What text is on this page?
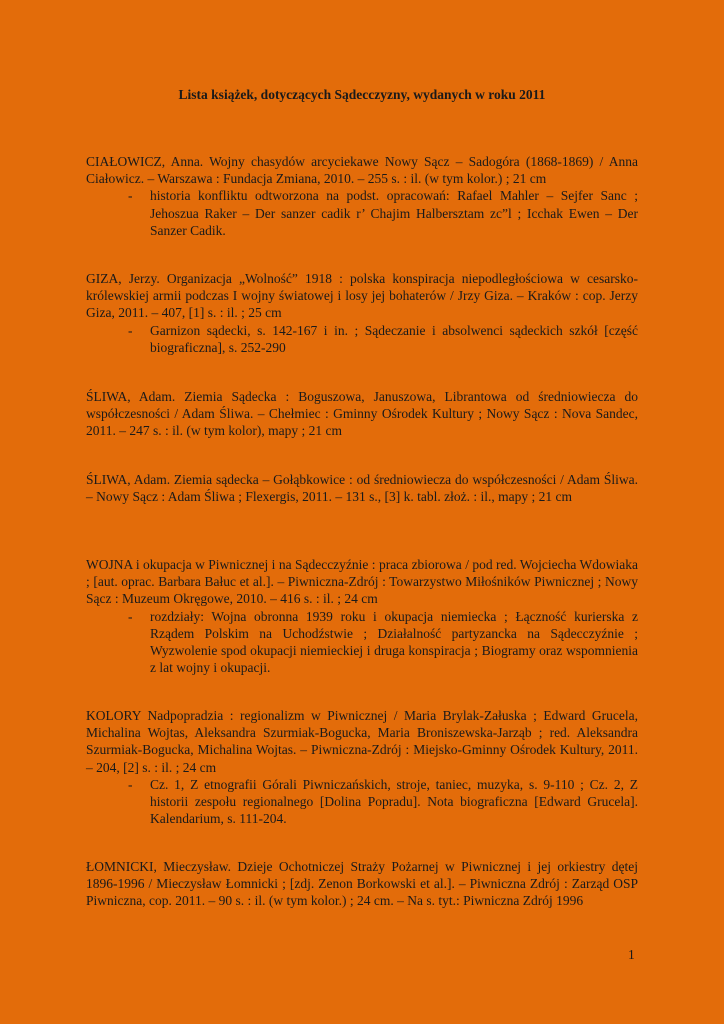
Lista książek, dotyczących Sądecczyzny, wydanych w roku 2011

CIAŁOWICZ, Anna. Wojny chasydów arcyciekawe Nowy Sącz – Sadogóra (1868-1869) / Anna Ciałowicz. – Warszawa : Fundacja Zmiana, 2010. – 255 s. : il. (w tym kolor.) ; 21 cm

-	historia konfliktu odtworzona na podst. opracowań: Rafael Mahler – Sejfer Sanc ; Jehoszua Raker – Der sanzer cadik r’ Chajim Halbersztam zc”l ; Icchak Ewen – Der Sanzer Cadik.

GIZA, Jerzy. Organizacja „Wolność” 1918 : polska konspiracja niepodległościowa w cesarsko-królewskiej armii podczas I wojny światowej i losy jej bohaterów / Jrzy Giza. – Kraków : cop. Jerzy Giza, 2011. – 407, [1] s. : il. ; 25 cm

-	Garnizon sądecki, s. 142-167 i in. ; Sądeczanie i absolwenci sądeckich szkół [część biograficzna], s. 252-290

ŚLIWA, Adam. Ziemia Sądecka : Boguszowa, Januszowa, Librantowa od średniowiecza do współczesności / Adam Śliwa. – Chełmiec : Gminny Ośrodek Kultury ; Nowy Sącz : Nova Sandec, 2011. – 247 s. : il. (w tym kolor), mapy ; 21 cm

ŚLIWA, Adam. Ziemia sądecka – Gołąbkowice : od średniowiecza do współczesności / Adam Śliwa. – Nowy Sącz : Adam Śliwa ; Flexergis, 2011. – 131 s., [3] k. tabl. złoż. : il., mapy ; 21 cm

WOJNA i okupacja w Piwnicznej i na Sądecczyźnie : praca zbiorowa / pod red. Wojciecha Wdowiaka ; [aut. oprac. Barbara Bałuc et al.]. – Piwniczna-Zdrój : Towarzystwo Miłośników Piwnicznej ; Nowy Sącz : Muzeum Okręgowe, 2010. – 416 s. : il. ; 24 cm

-	rozdziały: Wojna obronna 1939 roku i okupacja niemiecka ; Łączność kurierska z Rządem Polskim na Uchodźstwie ; Działalność partyzancka na Sądecczyźnie ; Wyzwolenie spod okupacji niemieckiej i druga konspiracja ; Biogramy oraz wspomnienia z lat wojny i okupacji.

KOLORY Nadpopradzia : regionalizm w Piwnicznej / Maria Brylak-Załuska ; Edward Grucela, Michalina Wojtas, Aleksandra Szurmiak-Bogucka, Maria Broniszewska-Jarząb ; red. Aleksandra Szurmiak-Bogucka, Michalina Wojtas. – Piwniczna-Zdrój : Miejsko-Gminny Ośrodek Kultury, 2011. – 204, [2] s. : il. ; 24 cm

-	Cz. 1, Z etnografii Górali Piwniczańskich, stroje, taniec, muzyka, s. 9-110 ; Cz. 2, Z historii zespołu regionalnego [Dolina Popradu]. Nota biograficzna [Edward Grucela]. Kalendarium, s. 111-204.

ŁOMNICKI, Mieczysław. Dzieje Ochotniczej Straży Pożarnej w Piwnicznej i jej orkiestry dętej 1896-1996 / Mieczysław Łomnicki ; [zdj. Zenon Borkowski et al.]. – Piwniczna Zdrój : Zarząd OSP Piwniczna, cop. 2011. – 90 s. : il. (w tym kolor.) ; 24 cm. – Na s. tyt.: Piwniczna Zdrój 1996

1
